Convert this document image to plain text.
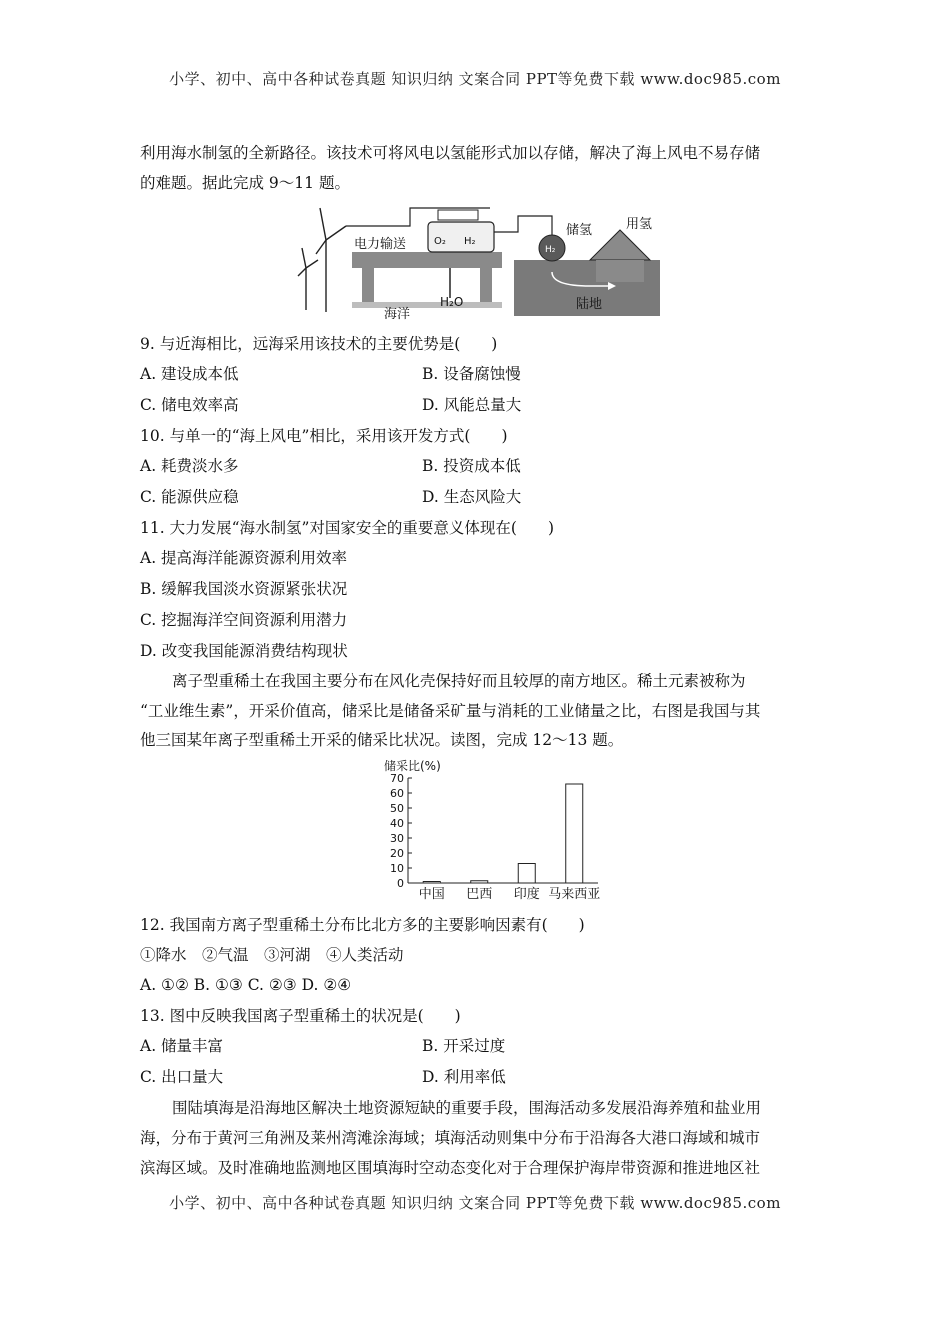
小学、初中、高中各种试卷真题 知识归纳 文案合同 PPT等免费下载 www.doc985.com
利用海水制氢的全新路径。该技术可将风电以氢能形式加以存储，解决了海上风电不易存储
的难题。据此完成 9～11 题。
电力输送	O₂ H₂
海洋
H₂O
H₂
储氢	用氢
陆地
9. 与近海相比，远海采用该技术的主要优势是(　　)
A. 建设成本低	B. 设备腐蚀慢
C. 储电效率高	D. 风能总量大
10. 与单一的“海上风电”相比，采用该开发方式(　　)
A. 耗费淡水多	B. 投资成本低
C. 能源供应稳	D. 生态风险大
11. 大力发展“海水制氢”对国家安全的重要意义体现在(　　)
A. 提高海洋能源资源利用效率
B. 缓解我国淡水资源紧张状况
C. 挖掘海洋空间资源利用潜力
D. 改变我国能源消费结构现状
离子型重稀土在我国主要分布在风化壳保持好而且较厚的南方地区。稀土元素被称为
“工业维生素”，开采价值高，储采比是储备采矿量与消耗的工业储量之比，右图是我国与其
他三国某年离子型重稀土开采的储采比状况。读图，完成 12～13 题。
储采比(%)
0
10
20
30
40
50
60
70
中国 巴西 印度 马来西亚
12. 我国南方离子型重稀土分布比北方多的主要影响因素有(　　)
①降水　②气温　③河湖　④人类活动
A. ①② B. ①③ C. ②③ D. ②④
13. 图中反映我国离子型重稀土的状况是(　　)
A. 储量丰富	B. 开采过度
C. 出口量大	D. 利用率低
围陆填海是沿海地区解决土地资源短缺的重要手段，围海活动多发展沿海养殖和盐业用
海，分布于黄河三角洲及莱州湾滩涂海域；填海活动则集中分布于沿海各大港口海域和城市
滨海区域。及时准确地监测地区围填海时空动态变化对于合理保护海岸带资源和推进地区社
小学、初中、高中各种试卷真题 知识归纳 文案合同 PPT等免费下载 www.doc985.com
